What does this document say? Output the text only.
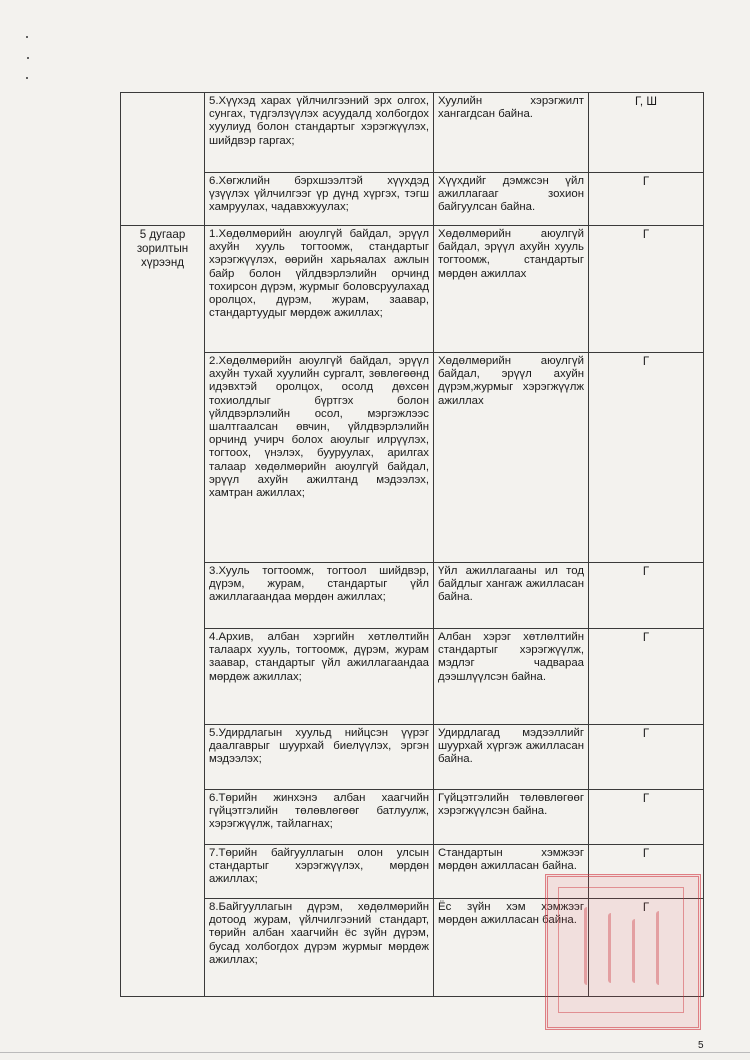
	5.Хүүхэд харах үйлчилгээний эрх олгох, сунгах, түдгэлзүүлэх асуудалд холбогдох хуулиуд болон стандартыг хэрэгжүүлэх, шийдвэр гаргах;	Хуулийн хэрэгжилт хангагдсан байна.	Г, Ш
	6.Хөгжлийн бэрхшээлтэй хүүхдэд үзүүлэх үйлчилгээг үр дүнд хүргэх, тэгш хамруулах, чадавхжуулах;	Хүүхдийг дэмжсэн үйл ажиллагааг зохион байгуулсан байна.	Г
5 дугаар зорилтын хүрээнд	1.Хөдөлмөрийн аюулгүй байдал, эрүүл ахуйн хууль тогтоомж, стандартыг хэрэгжүүлэх, өөрийн харьяалах ажлын байр болон үйлдвэрлэлийн орчинд тохирсон дүрэм, журмыг боловсруулахад оролцох, дүрэм, журам, заавар, стандартуудыг мөрдөж ажиллах;	Хөдөлмөрийн аюулгүй байдал, эрүүл ахуйн хууль тогтоомж, стандартыг мөрдөн ажиллах	Г
	2.Хөдөлмөрийн аюулгүй байдал, эрүүл ахуйн тухай хуулийн сургалт, зөвлөгөөнд идэвхтэй оролцох, осолд дөхсөн тохиолдлыг бүртгэх болон үйлдвэрлэлийн осол, мэргэжлээс шалтгаалсан өвчин, үйлдвэрлэлийн орчинд учирч болох аюулыг илрүүлэх, тогтоох, үнэлэх, бууруулах, арилгах талаар хөдөлмөрийн аюулгүй байдал, эрүүл ахуйн ажилтанд мэдээлэх, хамтран ажиллах;	Хөдөлмөрийн аюулгүй байдал, эрүүл ахуйн дүрэм,журмыг хэрэгжүүлж ажиллах	Г
	3.Хууль тогтоомж, тогтоол шийдвэр, дүрэм, журам, стандартыг үйл ажиллагаандаа мөрдөн ажиллах;	Үйл ажиллагааны ил тод байдлыг хангаж ажилласан байна.	Г
	4.Архив, албан хэргийн хөтлөлтийн талаарх хууль, тогтоомж, дүрэм, журам заавар, стандартыг үйл ажиллагаандаа мөрдөж ажиллах;	Албан хэрэг хөтлөлтийн стандартыг хэрэгжүүлж, мэдлэг чадвараа дээшлүүлсэн байна.	Г
	5.Удирдлагын хуульд нийцсэн үүрэг даалгаврыг шуурхай биелүүлэх, эргэн мэдээлэх;	Удирдлагад мэдээллийг шуурхай хүргэж ажилласан байна.	Г
	6.Төрийн жинхэнэ албан хаагчийн гүйцэтгэлийн төлөвлөгөөг батлуулж, хэрэгжүүлж, тайлагнах;	Гүйцэтгэлийн төлөвлөгөөг хэрэгжүүлсэн байна.	Г
	7.Төрийн байгууллагын олон улсын стандартыг хэрэгжүүлэх, мөрдөн ажиллах;	Стандартын хэмжээг мөрдөн ажилласан байна.	Г
	8.Байгууллагын дүрэм, хөдөлмөрийн дотоод журам, үйлчилгээний стандарт, төрийн албан хаагчийн ёс зүйн дүрэм, бусад холбогдох дүрэм журмыг мөрдөж ажиллах;	Ёс зүйн хэм хэмжээг мөрдөн ажилласан байна.	Г
5
